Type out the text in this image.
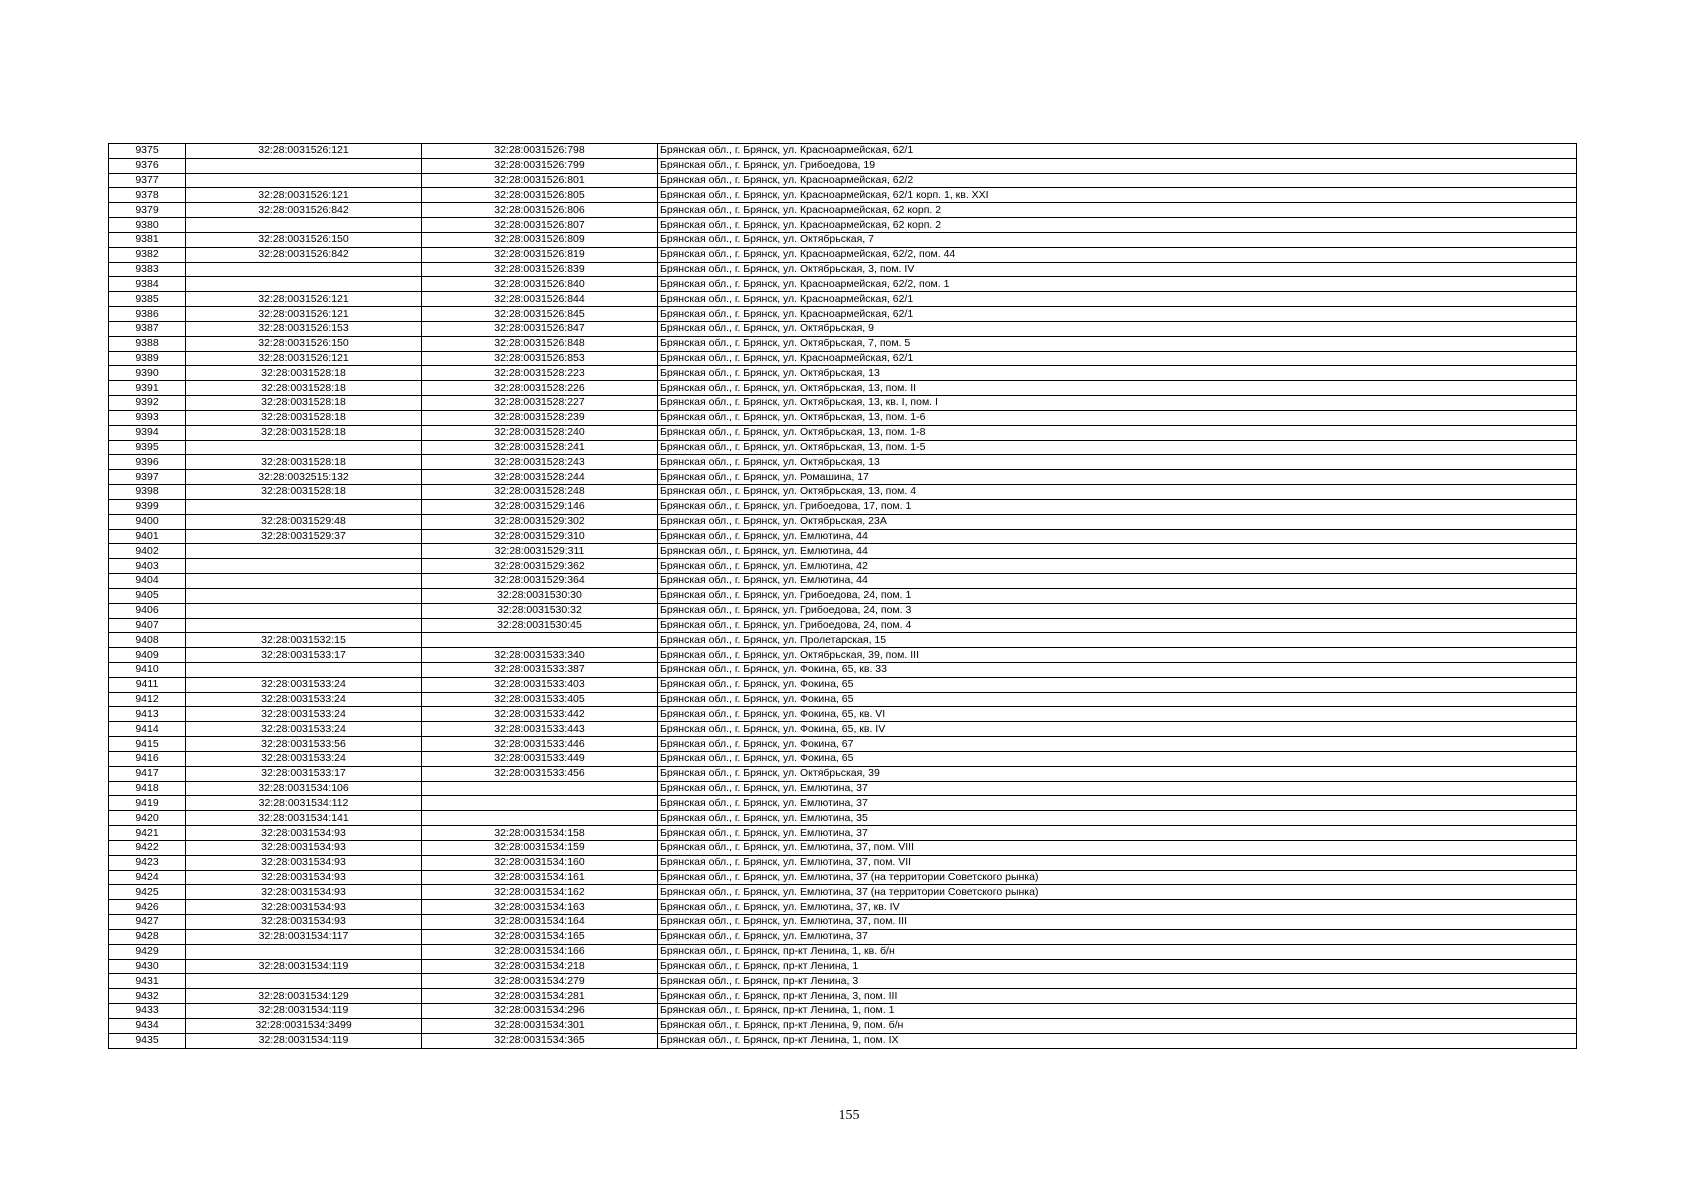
9375	32:28:0031526:121	32:28:0031526:798	Брянская обл., г. Брянск, ул. Красноармейская, 62/1
9376		32:28:0031526:799	Брянская обл., г. Брянск, ул. Грибоедова, 19
9377		32:28:0031526:801	Брянская обл., г. Брянск, ул. Красноармейская, 62/2
9378	32:28:0031526:121	32:28:0031526:805	Брянская обл., г. Брянск, ул. Красноармейская, 62/1 корп. 1, кв. XXI
9379	32:28:0031526:842	32:28:0031526:806	Брянская обл., г. Брянск, ул. Красноармейская, 62 корп. 2
9380		32:28:0031526:807	Брянская обл., г. Брянск, ул. Красноармейская, 62 корп. 2
9381	32:28:0031526:150	32:28:0031526:809	Брянская обл., г. Брянск, ул. Октябрьская, 7
9382	32:28:0031526:842	32:28:0031526:819	Брянская обл., г. Брянск, ул. Красноармейская, 62/2, пом. 44
9383		32:28:0031526:839	Брянская обл., г. Брянск, ул. Октябрьская, 3, пом. IV
9384		32:28:0031526:840	Брянская обл., г. Брянск, ул. Красноармейская, 62/2, пом. 1
9385	32:28:0031526:121	32:28:0031526:844	Брянская обл., г. Брянск, ул. Красноармейская, 62/1
9386	32:28:0031526:121	32:28:0031526:845	Брянская обл., г. Брянск, ул. Красноармейская, 62/1
9387	32:28:0031526:153	32:28:0031526:847	Брянская обл., г. Брянск, ул. Октябрьская, 9
9388	32:28:0031526:150	32:28:0031526:848	Брянская обл., г. Брянск, ул. Октябрьская, 7, пом. 5
9389	32:28:0031526:121	32:28:0031526:853	Брянская обл., г. Брянск, ул. Красноармейская, 62/1
9390	32:28:0031528:18	32:28:0031528:223	Брянская обл., г. Брянск, ул. Октябрьская, 13
9391	32:28:0031528:18	32:28:0031528:226	Брянская обл., г. Брянск, ул. Октябрьская, 13, пом. II
9392	32:28:0031528:18	32:28:0031528:227	Брянская обл., г. Брянск, ул. Октябрьская, 13, кв. I, пом. I
9393	32:28:0031528:18	32:28:0031528:239	Брянская обл., г. Брянск, ул. Октябрьская, 13, пом. 1-6
9394	32:28:0031528:18	32:28:0031528:240	Брянская обл., г. Брянск, ул. Октябрьская, 13, пом. 1-8
9395		32:28:0031528:241	Брянская обл., г. Брянск, ул. Октябрьская, 13, пом. 1-5
9396	32:28:0031528:18	32:28:0031528:243	Брянская обл., г. Брянск, ул. Октябрьская, 13
9397	32:28:0032515:132	32:28:0031528:244	Брянская обл., г. Брянск, ул. Ромашина, 17
9398	32:28:0031528:18	32:28:0031528:248	Брянская обл., г. Брянск, ул. Октябрьская, 13, пом. 4
9399		32:28:0031529:146	Брянская обл., г. Брянск, ул. Грибоедова, 17, пом. 1
9400	32:28:0031529:48	32:28:0031529:302	Брянская обл., г. Брянск, ул. Октябрьская, 23А
9401	32:28:0031529:37	32:28:0031529:310	Брянская обл., г. Брянск, ул. Емлютина, 44
9402		32:28:0031529:311	Брянская обл., г. Брянск, ул. Емлютина, 44
9403		32:28:0031529:362	Брянская обл., г. Брянск, ул. Емлютина, 42
9404		32:28:0031529:364	Брянская обл., г. Брянск, ул. Емлютина, 44
9405		32:28:0031530:30	Брянская обл., г. Брянск, ул. Грибоедова, 24, пом. 1
9406		32:28:0031530:32	Брянская обл., г. Брянск, ул. Грибоедова, 24, пом. 3
9407		32:28:0031530:45	Брянская обл., г. Брянск, ул. Грибоедова, 24, пом. 4
9408	32:28:0031532:15		Брянская обл., г. Брянск, ул. Пролетарская, 15
9409	32:28:0031533:17	32:28:0031533:340	Брянская обл., г. Брянск, ул. Октябрьская, 39, пом. III
9410		32:28:0031533:387	Брянская обл., г. Брянск, ул. Фокина, 65, кв. 33
9411	32:28:0031533:24	32:28:0031533:403	Брянская обл., г. Брянск, ул. Фокина, 65
9412	32:28:0031533:24	32:28:0031533:405	Брянская обл., г. Брянск, ул. Фокина, 65
9413	32:28:0031533:24	32:28:0031533:442	Брянская обл., г. Брянск, ул. Фокина, 65, кв. VI
9414	32:28:0031533:24	32:28:0031533:443	Брянская обл., г. Брянск, ул. Фокина, 65, кв. IV
9415	32:28:0031533:56	32:28:0031533:446	Брянская обл., г. Брянск, ул. Фокина, 67
9416	32:28:0031533:24	32:28:0031533:449	Брянская обл., г. Брянск, ул. Фокина, 65
9417	32:28:0031533:17	32:28:0031533:456	Брянская обл., г. Брянск, ул. Октябрьская, 39
9418	32:28:0031534:106		Брянская обл., г. Брянск, ул. Емлютина, 37
9419	32:28:0031534:112		Брянская обл., г. Брянск, ул. Емлютина, 37
9420	32:28:0031534:141		Брянская обл., г. Брянск, ул. Емлютина, 35
9421	32:28:0031534:93	32:28:0031534:158	Брянская обл., г. Брянск, ул. Емлютина, 37
9422	32:28:0031534:93	32:28:0031534:159	Брянская обл., г. Брянск, ул. Емлютина, 37, пом. VIII
9423	32:28:0031534:93	32:28:0031534:160	Брянская обл., г. Брянск, ул. Емлютина, 37, пом. VII
9424	32:28:0031534:93	32:28:0031534:161	Брянская обл., г. Брянск, ул. Емлютина, 37 (на территории Советского рынка)
9425	32:28:0031534:93	32:28:0031534:162	Брянская обл., г. Брянск, ул. Емлютина, 37 (на территории Советского рынка)
9426	32:28:0031534:93	32:28:0031534:163	Брянская обл., г. Брянск, ул. Емлютина, 37, кв. IV
9427	32:28:0031534:93	32:28:0031534:164	Брянская обл., г. Брянск, ул. Емлютина, 37, пом. III
9428	32:28:0031534:117	32:28:0031534:165	Брянская обл., г. Брянск, ул. Емлютина, 37
9429		32:28:0031534:166	Брянская обл., г. Брянск, пр-кт Ленина, 1, кв. б/н
9430	32:28:0031534:119	32:28:0031534:218	Брянская обл., г. Брянск, пр-кт Ленина, 1
9431		32:28:0031534:279	Брянская обл., г. Брянск, пр-кт Ленина, 3
9432	32:28:0031534:129	32:28:0031534:281	Брянская обл., г. Брянск, пр-кт Ленина, 3, пом. III
9433	32:28:0031534:119	32:28:0031534:296	Брянская обл., г. Брянск, пр-кт Ленина, 1, пом. 1
9434	32:28:0031534:3499	32:28:0031534:301	Брянская обл., г. Брянск, пр-кт Ленина, 9, пом. б/н
9435	32:28:0031534:119	32:28:0031534:365	Брянская обл., г. Брянск, пр-кт Ленина, 1, пом. IX
155
